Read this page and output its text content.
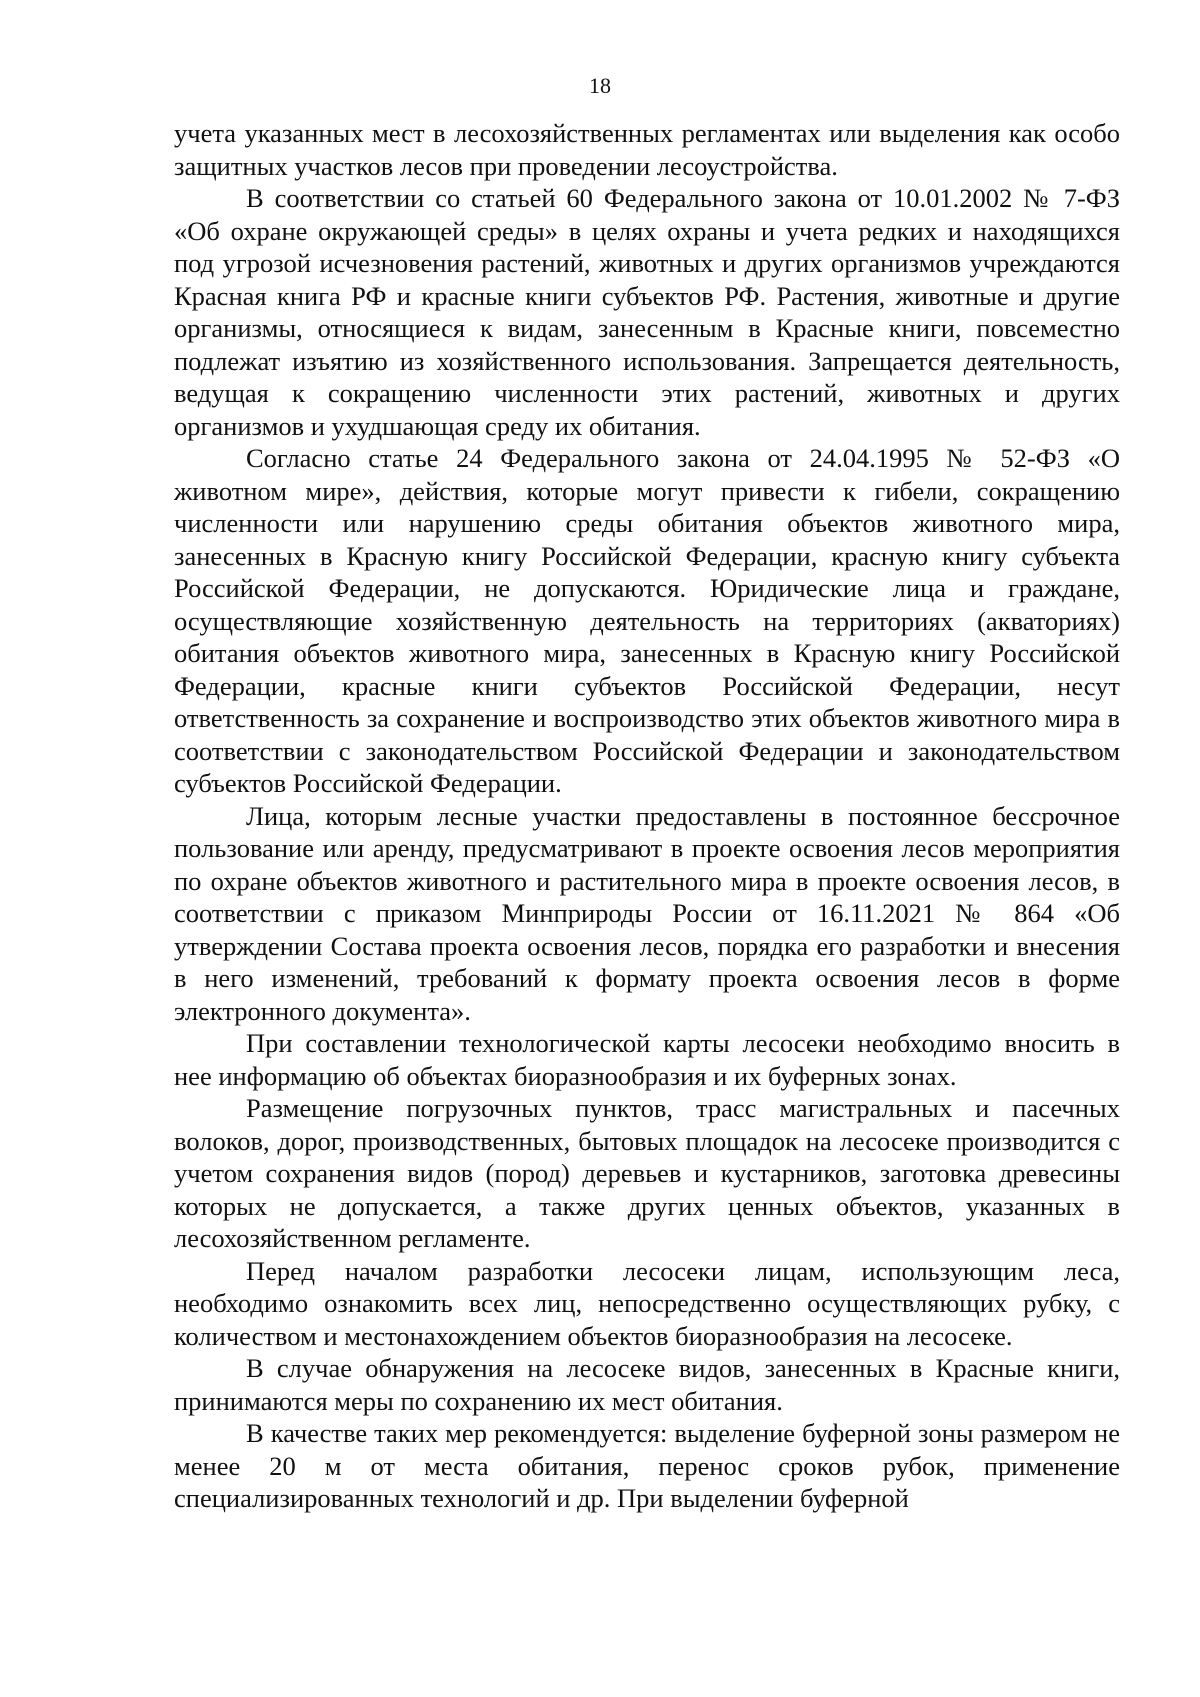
18

учета указанных мест в лесохозяйственных регламентах или выделения как особо защитных участков лесов при проведении лесоустройства.

В соответствии со статьей 60 Федерального закона от 10.01.2002 № 7-ФЗ «Об охране окружающей среды» в целях охраны и учета редких и находящихся под угрозой исчезновения растений, животных и других организмов учреждаются Красная книга РФ и красные книги субъектов РФ. Растения, животные и другие организмы, относящиеся к видам, занесенным в Красные книги, повсеместно подлежат изъятию из хозяйственного использования. Запрещается деятельность, ведущая к сокращению численности этих растений, животных и других организмов и ухудшающая среду их обитания.

Согласно статье 24 Федерального закона от 24.04.1995 № 52-ФЗ «О животном мире», действия, которые могут привести к гибели, сокращению численности или нарушению среды обитания объектов животного мира, занесенных в Красную книгу Российской Федерации, красную книгу субъекта Российской Федерации, не допускаются. Юридические лица и граждане, осуществляющие хозяйственную деятельность на территориях (акваториях) обитания объектов животного мира, занесенных в Красную книгу Российской Федерации, красные книги субъектов Российской Федерации, несут ответственность за сохранение и воспроизводство этих объектов животного мира в соответствии с законодательством Российской Федерации и законодательством субъектов Российской Федерации.

Лица, которым лесные участки предоставлены в постоянное бессрочное пользование или аренду, предусматривают в проекте освоения лесов мероприятия по охране объектов животного и растительного мира в проекте освоения лесов, в соответствии с приказом Минприроды России от 16.11.2021 № 864 «Об утверждении Состава проекта освоения лесов, порядка его разработки и внесения в него изменений, требований к формату проекта освоения лесов в форме электронного документа».

При составлении технологической карты лесосеки необходимо вносить в нее информацию об объектах биоразнообразия и их буферных зонах.

Размещение погрузочных пунктов, трасс магистральных и пасечных волоков, дорог, производственных, бытовых площадок на лесосеке производится с учетом сохранения видов (пород) деревьев и кустарников, заготовка древесины которых не допускается, а также других ценных объектов, указанных в лесохозяйственном регламенте.

Перед началом разработки лесосеки лицам, использующим леса, необходимо ознакомить всех лиц, непосредственно осуществляющих рубку, с количеством и местонахождением объектов биоразнообразия на лесосеке.

В случае обнаружения на лесосеке видов, занесенных в Красные книги, принимаются меры по сохранению их мест обитания.

В качестве таких мер рекомендуется: выделение буферной зоны размером не менее 20 м от места обитания, перенос сроков рубок, применение специализированных технологий и др. При выделении буферной
